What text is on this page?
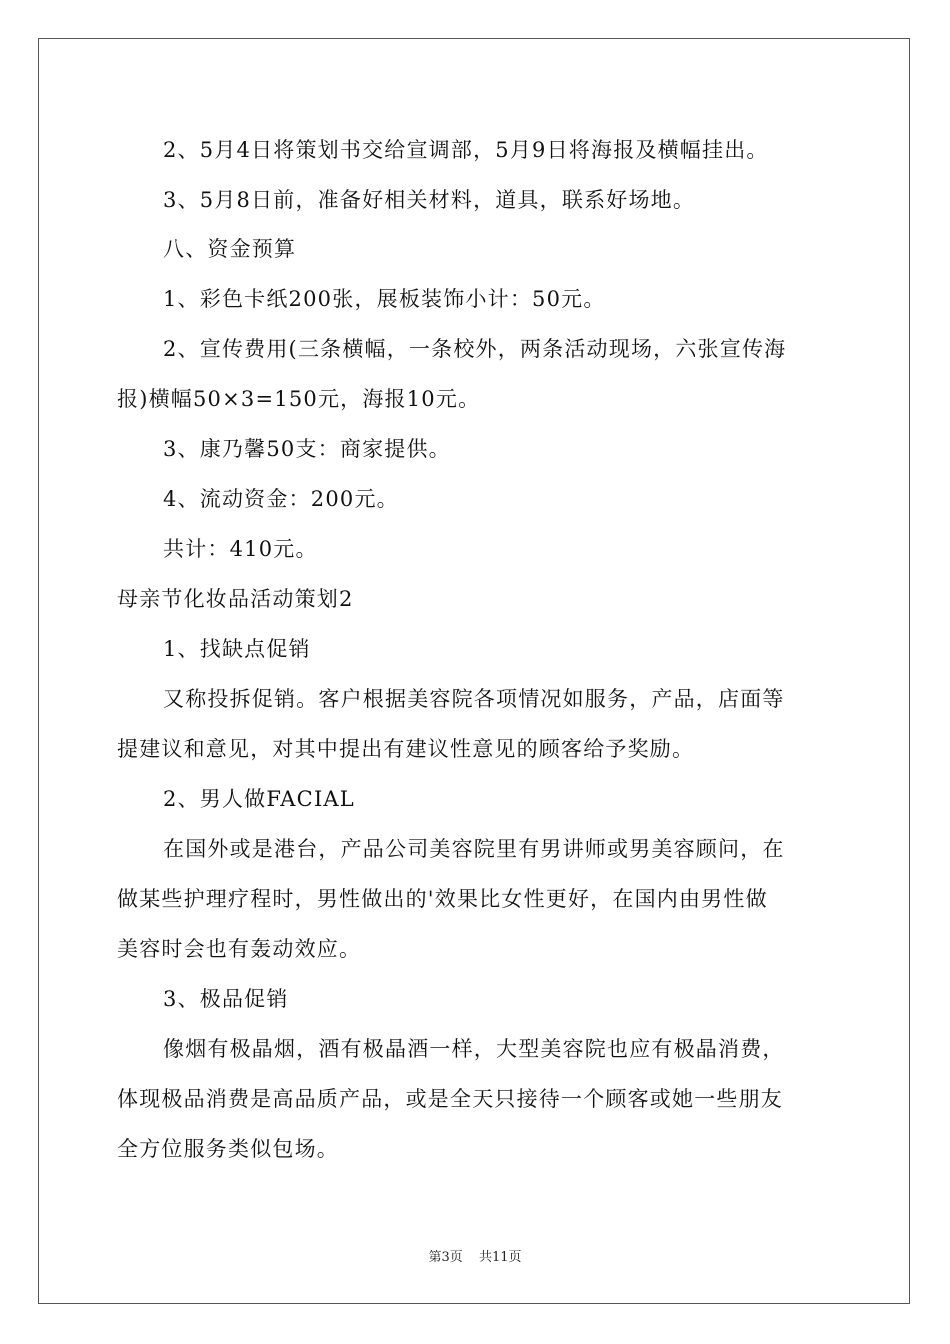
2、5月4日将策划书交给宣调部，5月9日将海报及横幅挂出。
3、5月8日前，准备好相关材料，道具，联系好场地。
八、资金预算
1、彩色卡纸200张，展板装饰小计：50元。
2、宣传费用(三条横幅，一条校外，两条活动现场，六张宣传海
报)横幅50×3=150元，海报10元。
3、康乃馨50支：商家提供。
4、流动资金：200元。
共计：410元。
母亲节化妆品活动策划2
1、找缺点促销
又称投拆促销。客户根据美容院各项情况如服务，产品，店面等
提建议和意见，对其中提出有建议性意见的顾客给予奖励。
2、男人做FACIAL
在国外或是港台，产品公司美容院里有男讲师或男美容顾问，在
做某些护理疗程时，男性做出的'效果比女性更好，在国内由男性做
美容时会也有轰动效应。
3、极品促销
像烟有极晶烟，酒有极晶酒一样，大型美容院也应有极晶消费，
体现极品消费是高品质产品，或是全天只接待一个顾客或她一些朋友
全方位服务类似包场。
第3页 共11页
